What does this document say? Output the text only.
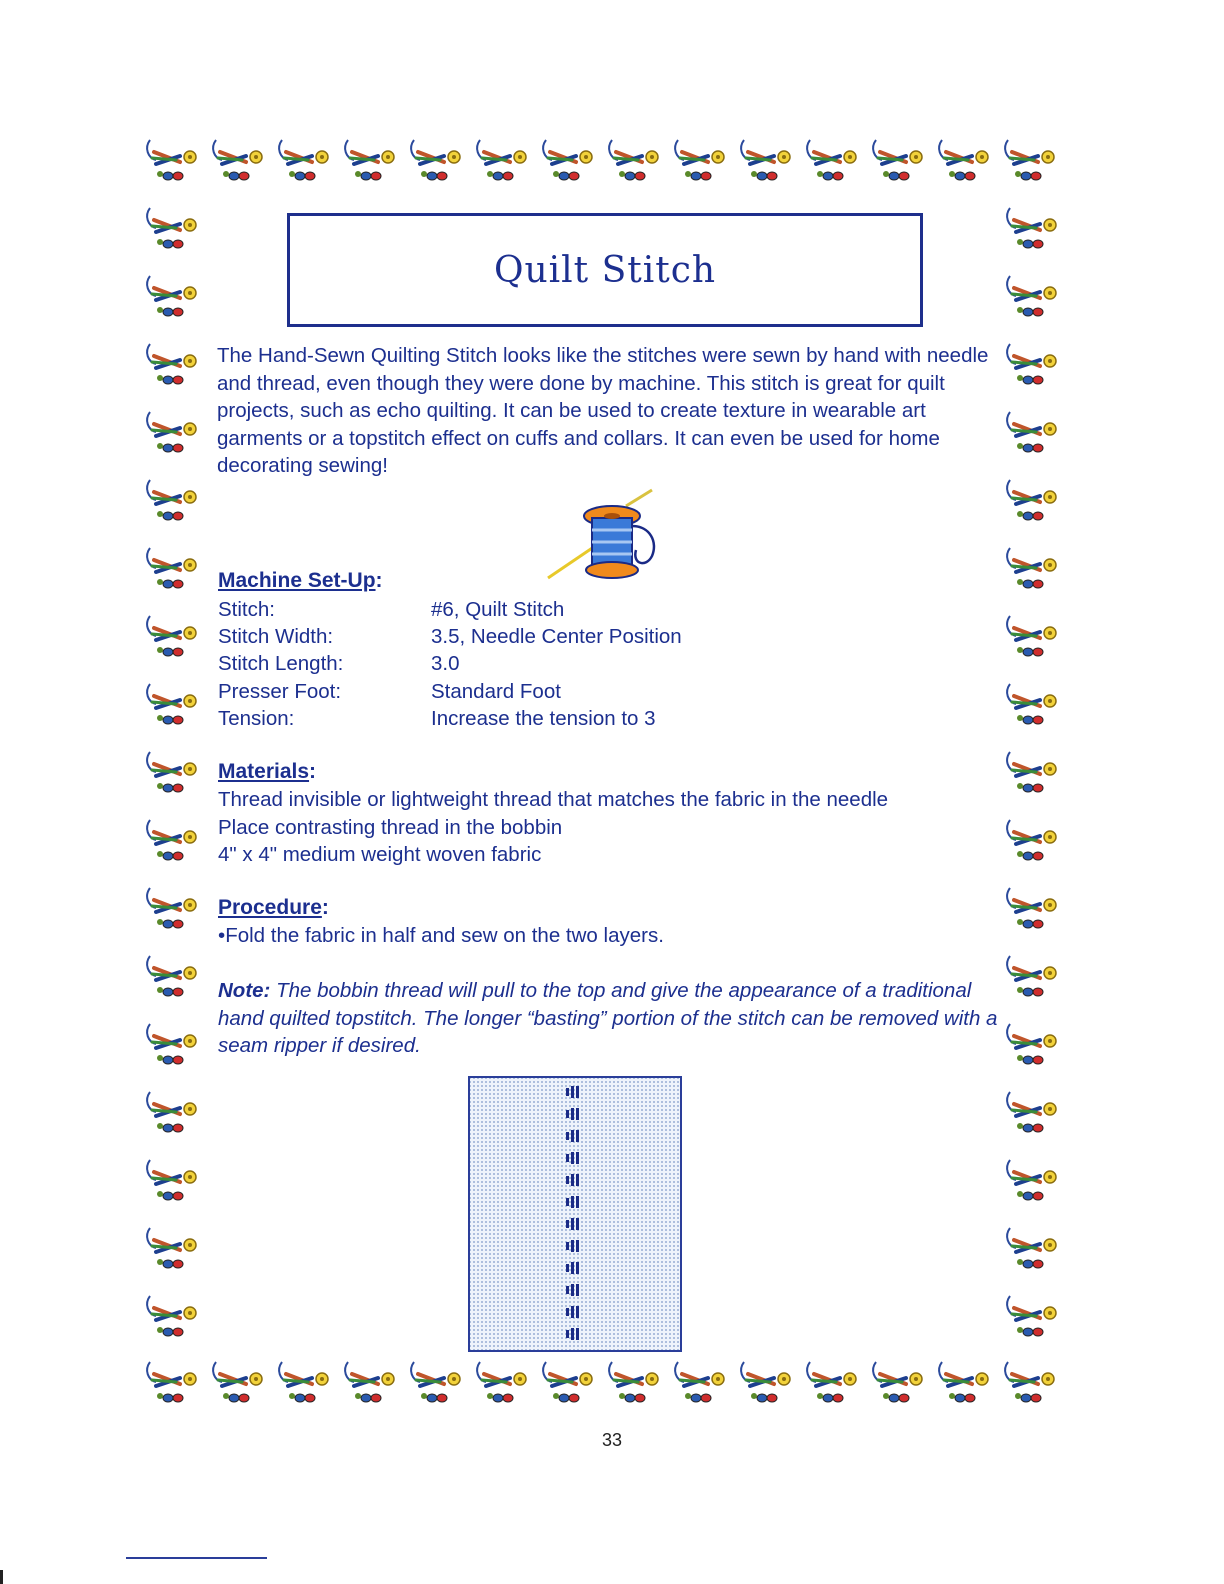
Quilt Stitch

The Hand-Sewn Quilting Stitch looks like the stitches were sewn by hand with needle and thread, even though they were done by machine. This stitch is great for quilt projects, such as echo quilting. It can be used to create texture in wearable art garments or a topstitch effect on cuffs and collars. It can even be used for home decorating sewing!

Machine Set-Up:
Stitch:	#6, Quilt Stitch
Stitch Width:	3.5, Needle Center Position
Stitch Length:	3.0
Presser Foot:	Standard Foot
Tension:	Increase the tension to 3
Materials:
Thread invisible or lightweight thread that matches the fabric in the needle
Place contrasting thread in the bobbin
4" x 4" medium weight woven fabric
Procedure:
•Fold the fabric in half and sew on the two layers.

Note: The bobbin thread will pull to the top and give the appearance of a traditional hand quilted topstitch. The longer “basting” portion of the stitch can be removed with a seam ripper if desired.

33
